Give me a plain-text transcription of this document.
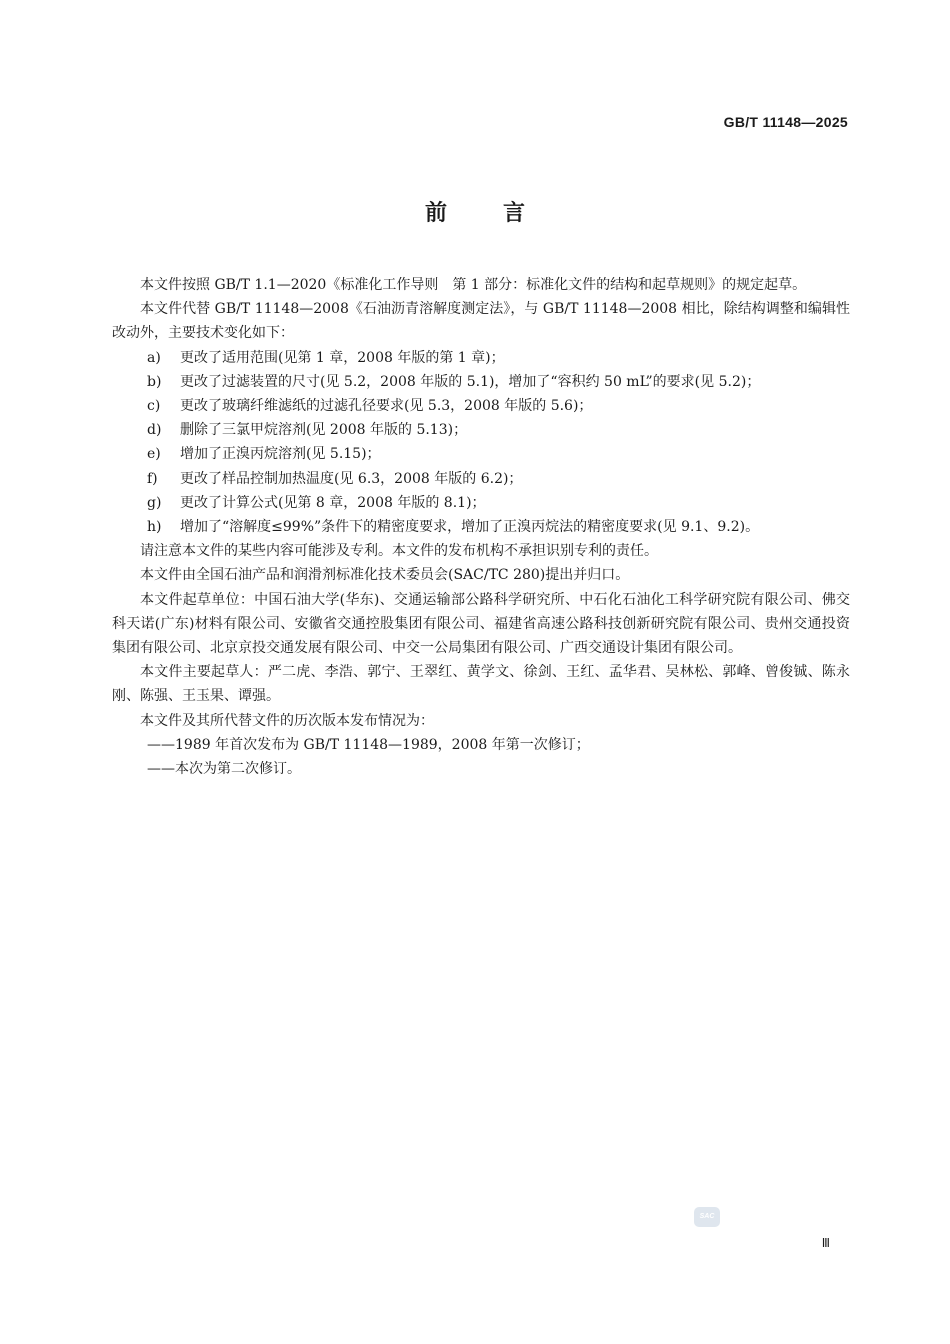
GB/T 11148—2025
前言

本文件按照 GB/T 1.1—2020《标准化工作导则　第 1 部分：标准化文件的结构和起草规则》的规定起草。

本文件代替 GB/T 11148—2008《石油沥青溶解度测定法》，与 GB/T 11148—2008 相比，除结构调整和编辑性改动外，主要技术变化如下：

a)	更改了适用范围(见第 1 章，2008 年版的第 1 章)；
b)	更改了过滤装置的尺寸(见 5.2，2008 年版的 5.1)，增加了“容积约 50 mL”的要求(见 5.2)；
c)	更改了玻璃纤维滤纸的过滤孔径要求(见 5.3，2008 年版的 5.6)；
d)	删除了三氯甲烷溶剂(见 2008 年版的 5.13)；
e)	增加了正溴丙烷溶剂(见 5.15)；
f)	更改了样品控制加热温度(见 6.3，2008 年版的 6.2)；
g)	更改了计算公式(见第 8 章，2008 年版的 8.1)；
h)	增加了“溶解度≤99%”条件下的精密度要求，增加了正溴丙烷法的精密度要求(见 9.1、9.2)。

请注意本文件的某些内容可能涉及专利。本文件的发布机构不承担识别专利的责任。

本文件由全国石油产品和润滑剂标准化技术委员会(SAC/TC 280)提出并归口。

本文件起草单位：中国石油大学(华东)、交通运输部公路科学研究所、中石化石油化工科学研究院有限公司、佛交科天诺(广东)材料有限公司、安徽省交通控股集团有限公司、福建省高速公路科技创新研究院有限公司、贵州交通投资集团有限公司、北京京投交通发展有限公司、中交一公局集团有限公司、广西交通设计集团有限公司。

本文件主要起草人：严二虎、李浩、郭宁、王翠红、黄学文、徐剑、王红、孟华君、吴林松、郭峰、曾俊铖、陈永刚、陈强、王玉果、谭强。

本文件及其所代替文件的历次版本发布情况为：

——1989 年首次发布为 GB/T 11148—1989，2008 年第一次修订；

——本次为第二次修订。

SAC
Ⅲ
